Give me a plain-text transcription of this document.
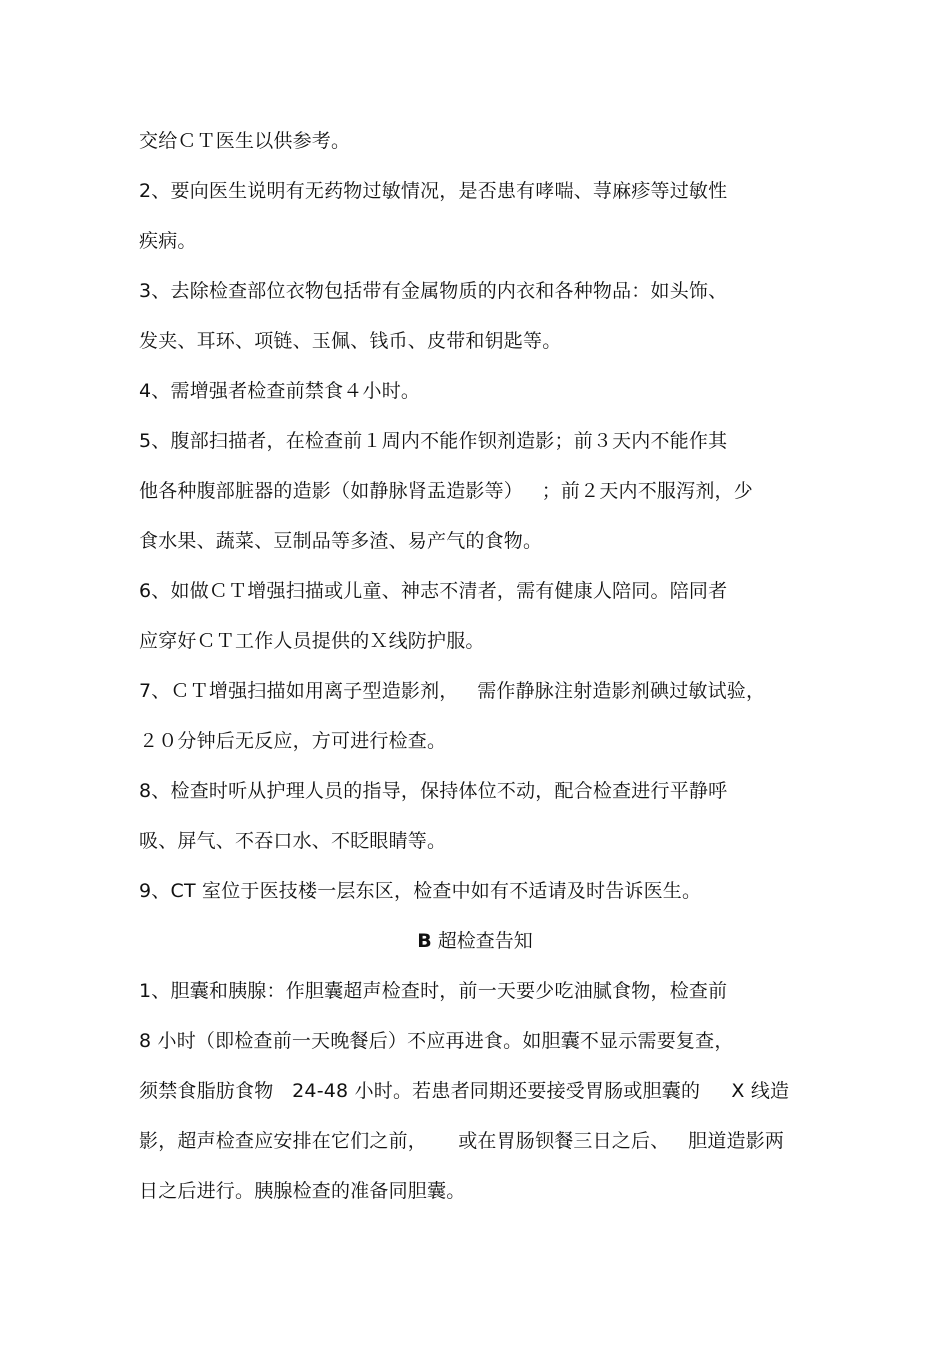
交给ＣＴ医生以供参考。
2、要向医生说明有无药物过敏情况，是否患有哮喘、荨麻疹等过敏性
疾病。
3、去除检查部位衣物包括带有金属物质的内衣和各种物品：如头饰、
发夹、耳环、项链、玉佩、钱币、皮带和钥匙等。
4、需增强者检查前禁食４小时。
5、腹部扫描者，在检查前１周内不能作钡剂造影；前３天内不能作其
他各种腹部脏器的造影（如静脉肾盂造影等）   ；前２天内不服泻剂，少
食水果、蔬菜、豆制品等多渣、易产气的食物。
6、如做ＣＴ增强扫描或儿童、神志不清者，需有健康人陪同。陪同者
应穿好ＣＴ工作人员提供的Ｘ线防护服。
7、ＣＴ增强扫描如用离子型造影剂，   需作静脉注射造影剂碘过敏试验，
２０分钟后无反应，方可进行检查。
8、检查时听从护理人员的指导，保持体位不动，配合检查进行平静呼
吸、屏气、不吞口水、不眨眼睛等。
9、CT 室位于医技楼一层东区，检查中如有不适请及时告诉医生。
B 超检查告知
1、胆囊和胰腺：作胆囊超声检查时，前一天要少吃油腻食物，检查前
8 小时（即检查前一天晚餐后）不应再进食。如胆囊不显示需要复查，
须禁食脂肪食物   24-48 小时。若患者同期还要接受胃肠或胆囊的     X 线造
影，超声检查应安排在它们之前，     或在胃肠钡餐三日之后、   胆道造影两
日之后进行。胰腺检查的准备同胆囊。
